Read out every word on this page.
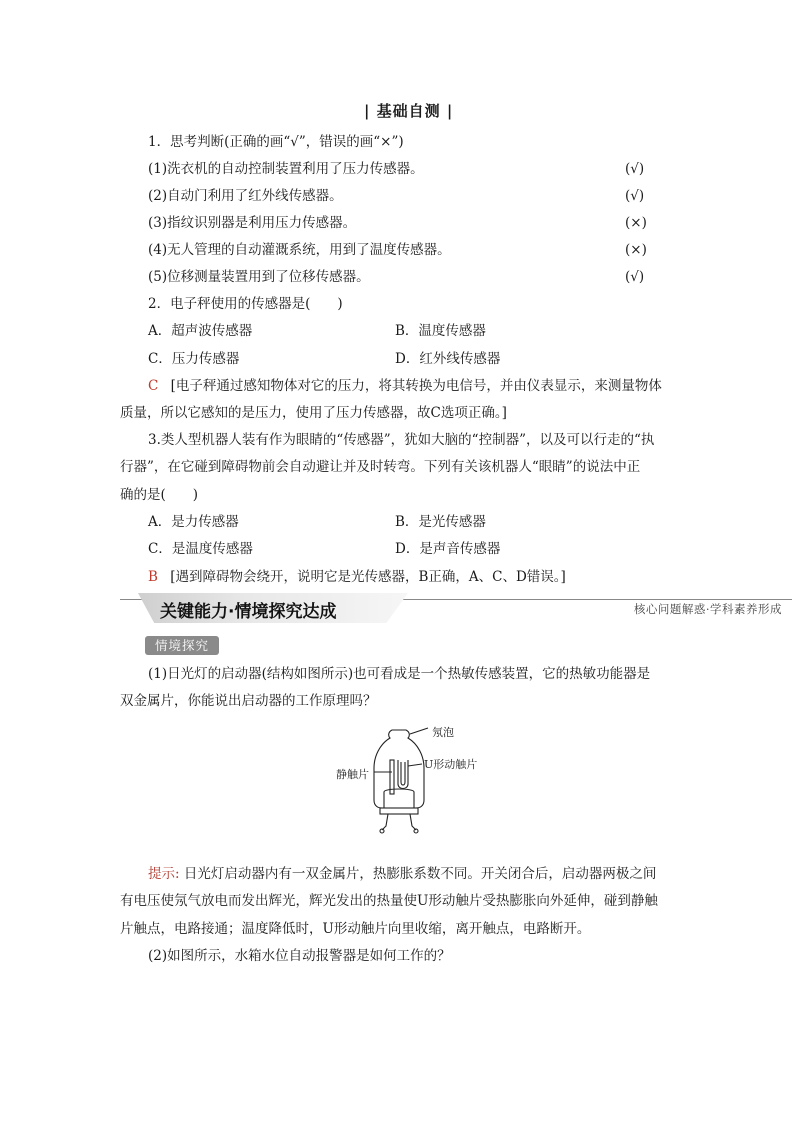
| 基础自测 |
1．思考判断(正确的画“√”，错误的画“×”)
(1)洗衣机的自动控制装置利用了压力传感器。	(√)
(2)自动门利用了红外线传感器。	(√)
(3)指纹识别器是利用压力传感器。	(×)
(4)无人管理的自动灌溉系统，用到了温度传感器。	(×)
(5)位移测量装置用到了位移传感器。	(√)
2．电子秤使用的传感器是(　　)
A．超声波传感器	B．温度传感器
C．压力传感器	D．红外线传感器
C [电子秤通过感知物体对它的压力，将其转换为电信号，并由仪表显示，来测量物体
质量，所以它感知的是压力，使用了压力传感器，故C选项正确。]
3.类人型机器人装有作为眼睛的“传感器”，犹如大脑的“控制器”，以及可以行走的“执
行器”，在它碰到障碍物前会自动避让并及时转弯。下列有关该机器人“眼睛”的说法中正
确的是(　　)
A．是力传感器	B．是光传感器
C．是温度传感器	D．是声音传感器
B [遇到障碍物会绕开，说明它是光传感器，B正确，A、C、D错误。]
关键能力·情境探究达成	核心问题解惑·学科素养形成
情境探究
(1)日光灯的启动器(结构如图所示)也可看成是一个热敏传感装置，它的热敏功能器是
双金属片，你能说出启动器的工作原理吗？
氖泡
静触片
U形动触片
提示: 日光灯启动器内有一双金属片，热膨胀系数不同。开关闭合后，启动器两极之间
有电压使氖气放电而发出辉光，辉光发出的热量使U形动触片受热膨胀向外延伸，碰到静触
片触点，电路接通；温度降低时，U形动触片向里收缩，离开触点，电路断开。
(2)如图所示，水箱水位自动报警器是如何工作的？
